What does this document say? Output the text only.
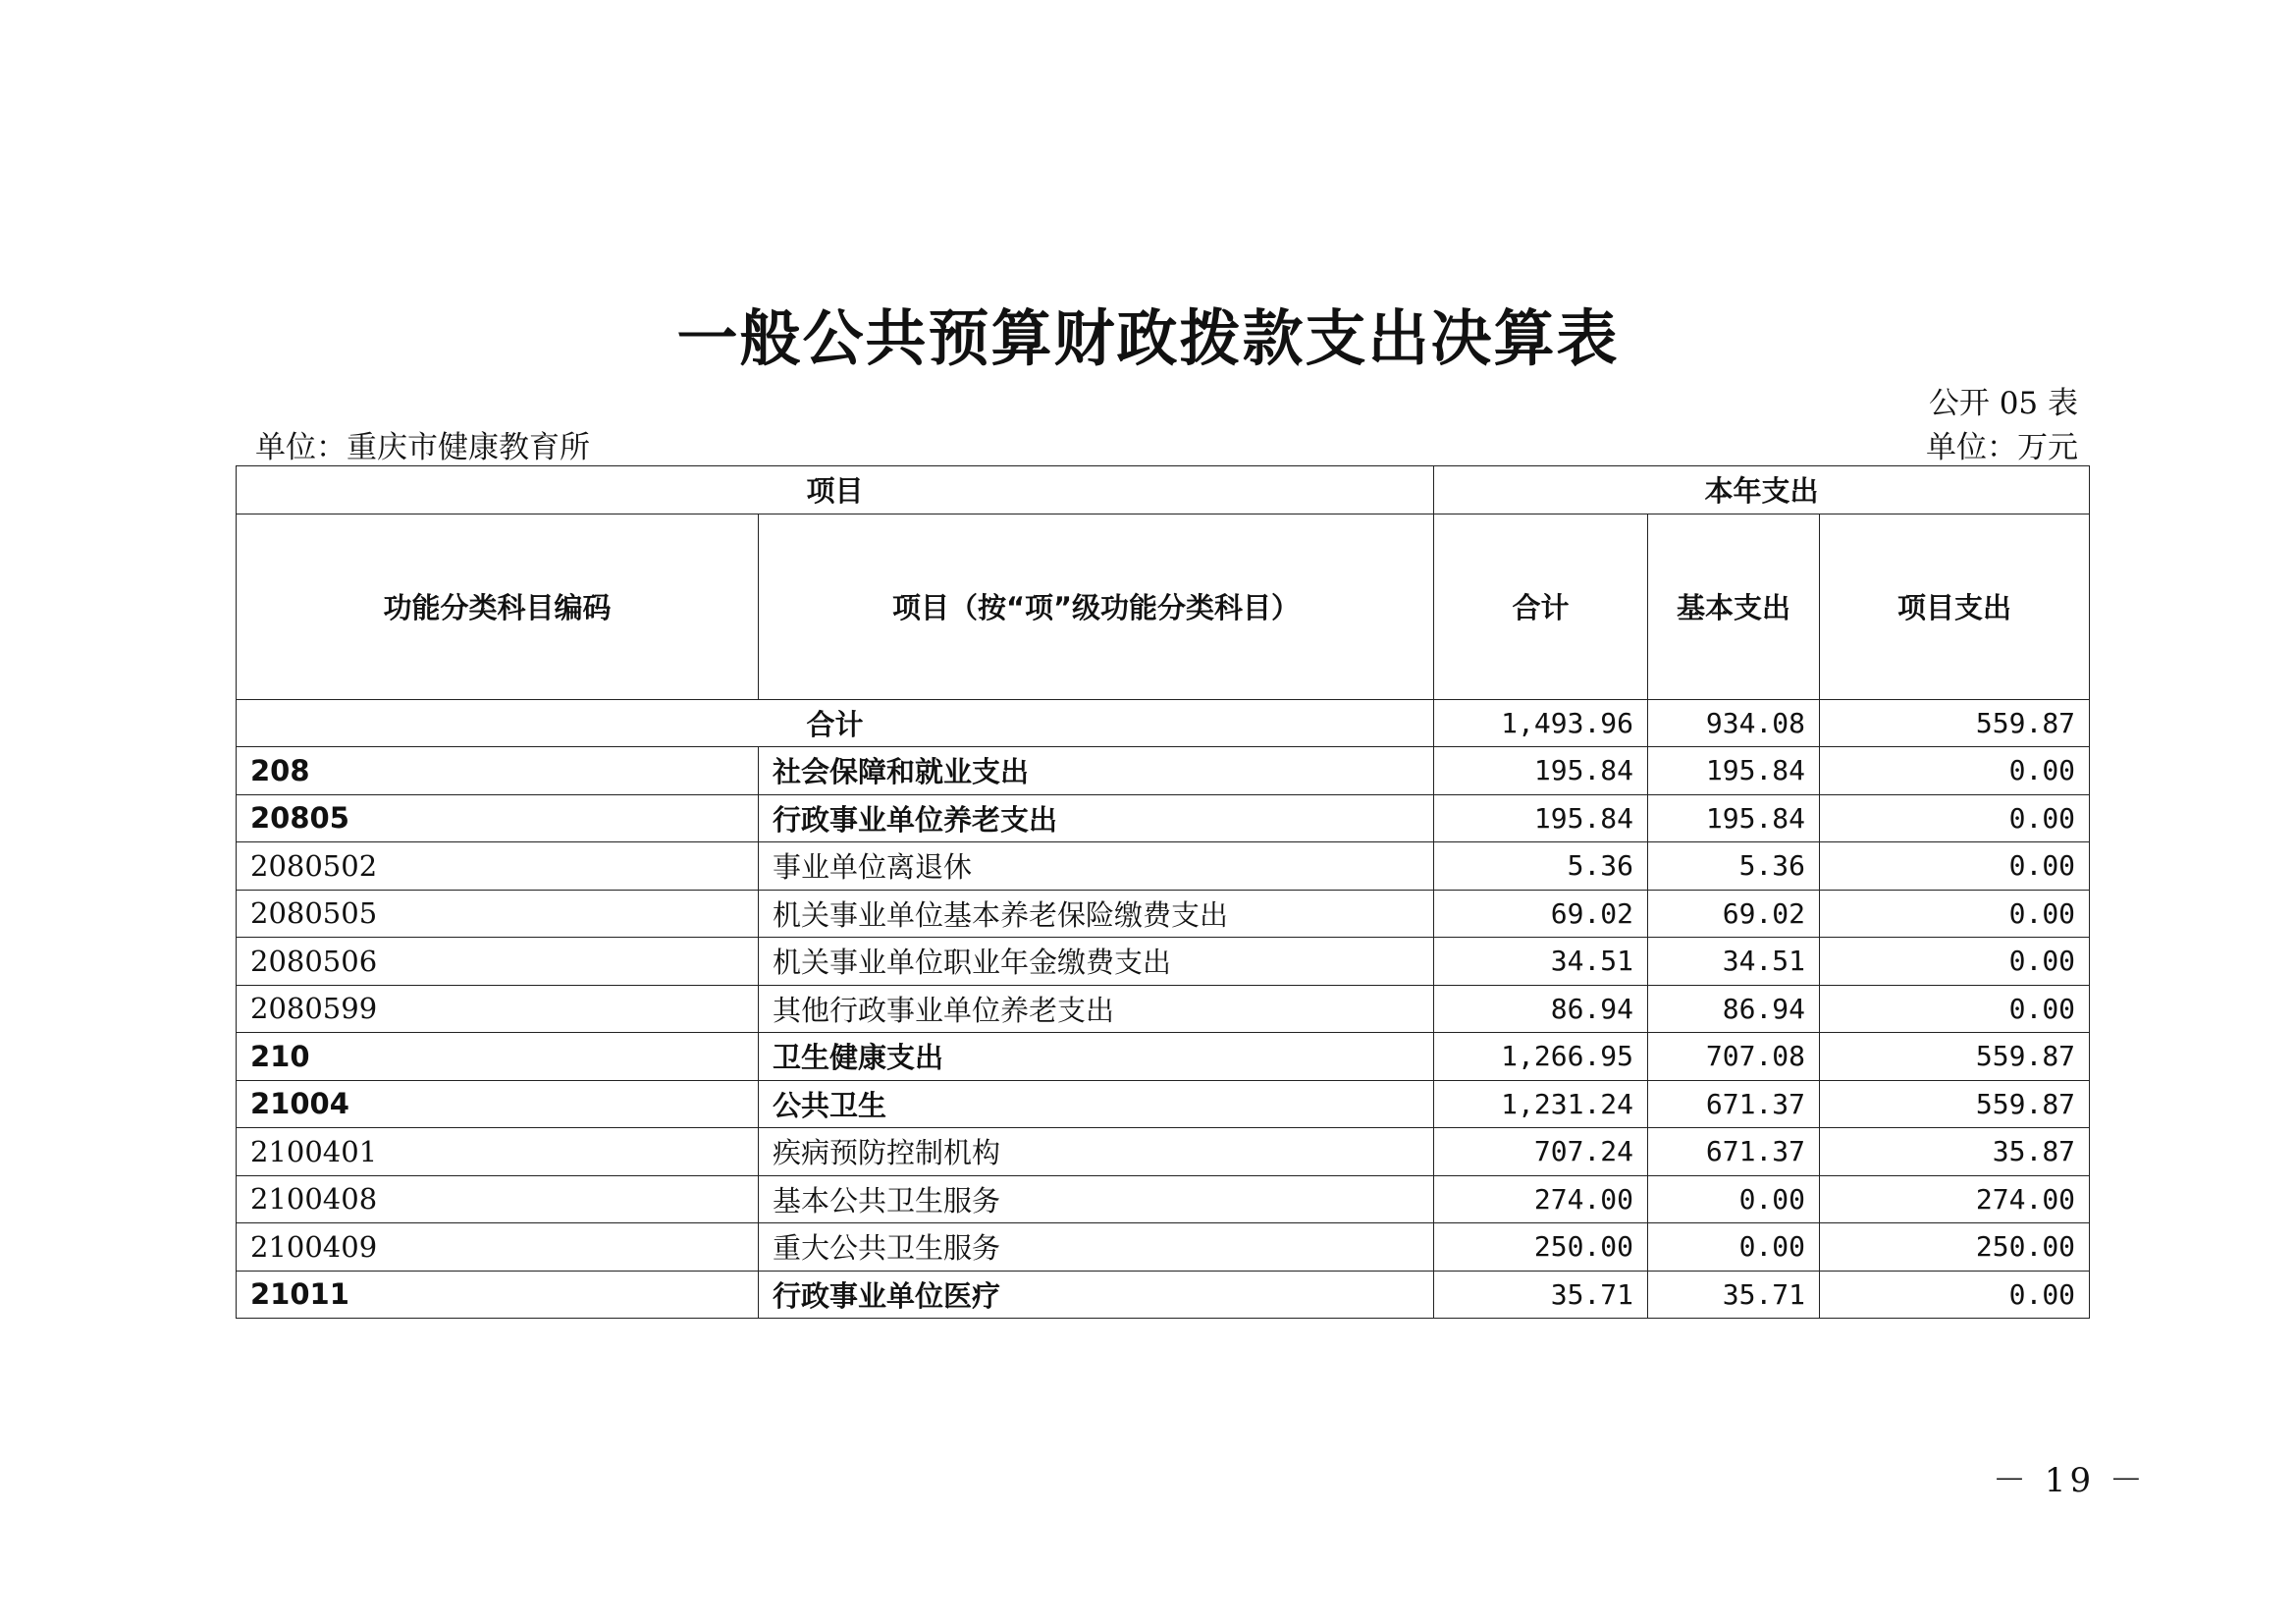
一般公共预算财政拨款支出决算表
公开 05 表
单位：重庆市健康教育所	单位：万元
项目		本年支出		
功能分类科目编码	项目（按“项”级功能分类科目）	合计	基本支出	项目支出
合计		1,493.96	934.08	559.87
208	社会保障和就业支出	195.84	195.84	0.00
20805	行政事业单位养老支出	195.84	195.84	0.00
2080502	事业单位离退休	5.36	5.36	0.00
2080505	机关事业单位基本养老保险缴费支出	69.02	69.02	0.00
2080506	机关事业单位职业年金缴费支出	34.51	34.51	0.00
2080599	其他行政事业单位养老支出	86.94	86.94	0.00
210	卫生健康支出	1,266.95	707.08	559.87
21004	公共卫生	1,231.24	671.37	559.87
2100401	疾病预防控制机构	707.24	671.37	35.87
2100408	基本公共卫生服务	274.00	0.00	274.00
2100409	重大公共卫生服务	250.00	0.00	250.00
21011	行政事业单位医疗	35.71	35.71	0.00
－ 19 －
